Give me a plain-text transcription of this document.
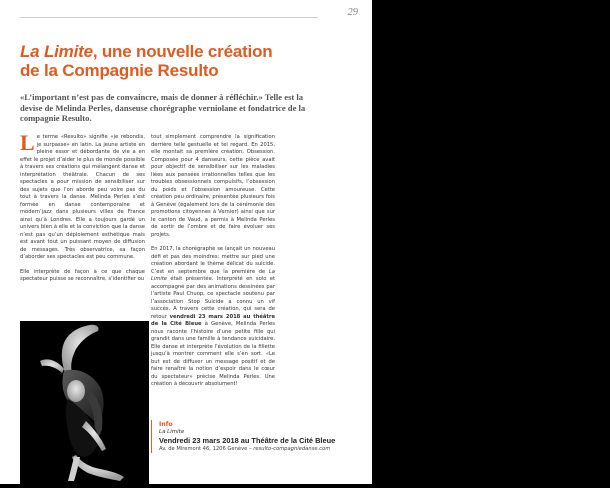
29
La Limite, une nouvelle création
de la Compagnie Resulto
«L’important n’est pas de convaincre, mais de donner à réfléchir.» Telle est la devise de Melinda Perles, danseuse chorégraphe verniolane et fondatrice de la compagnie Resulto.

Le terme «Resulto» signifie «je rebondis, je surpasse» en latin. La jeune artiste en pleine essor et débordante de vie a en effet le projet d’aider le plus de monde possible à travers ses créations qui mélangent danse et interprétation théâtrale. Chacun de ses spectacles a pour mission de sensibiliser sur des sujets que l’on aborde peu voire pas du tout à travers la danse. Melinda Perles s’est formée en danse contemporaine et modern’jazz dans plusieurs villes de France ainsi qu’à Londres. Elle a toujours gardé un univers bien à elle et la conviction que la danse n’est pas qu’un déploiement esthétique mais est avant tout un puissant moyen de diffusion de messages. Très observatrice, sa façon d’aborder ses spectacles est peu commune.

Elle interprète de façon à ce que chaque spectateur puisse se reconnaître, s’identifier ou

tout simplement comprendre la signification derrière telle gestuelle et tel regard. En 2015, elle montait sa première création, Obsession. Composée pour 4 danseurs, cette pièce avait pour objectif de sensibiliser sur les maladies liées aux pensées irrationnelles telles que les troubles obsessionnels compulsifs, l’obsession du poids et l’obsession amoureuse. Cette création peu ordinaire, présentée plusieurs fois à Genève (également lors de la cérémonie des promotions citoyennes à Vernier) ainsi que sur le canton de Vaud, a permis à Melinda Perles de sortir de l’ombre et de faire évoluer ses projets.

En 2017, la chorégraphe se lançait un nouveau défi et pas des moindres: mettre sur pied une création abordant le thème délicat du suicide. C’est en septembre que la première de La Limite était présentée. Interprété en solo et accompagné par des animations dessinées par l’artiste Paul Chuop, ce spectacle soutenu par l’association Stop Suicide a connu un vif succès. A travers cette création, qui sera de retour vendredi 23 mars 2018 au théâtre de la Cité Bleue à Genève, Melinda Perles nous raconte l’histoire d’une petite fille qui grandit dans une famille à tendance suicidaire. Elle danse et interprète l’évolution de la fillette jusqu’à montrer comment elle s’en sort. «Le but est de diffuser un message positif et de faire renaître la notion d’espoir dans le cœur du spectateur» précise Melinda Perles. Une création à découvrir absolument!

Info
La Limite
Vendredi 23 mars 2018 au Théâtre de la Cité Bleue
Av. de Miremont 46, 1206 Genève – resulto-compagniedanse.com
